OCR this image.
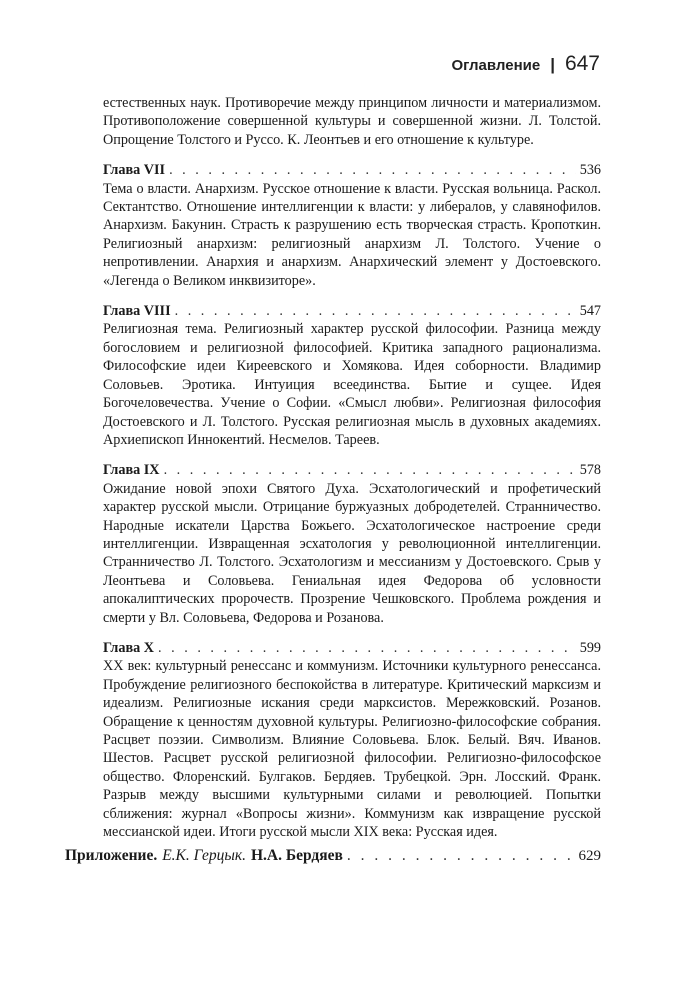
Оглавление | 647

естественных наук. Противоречие между принципом личности и материализмом. Противоположение совершенной культуры и совершенной жизни. Л. Толстой. Опрощение Толстого и Руссо. К. Леонтьев и его отношение к культуре.

Глава VII . . .	536

Тема о власти. Анархизм. Русское отношение к власти. Русская вольница. Раскол. Сектантство. Отношение интеллигенции к власти: у либералов, у славянофилов. Анархизм. Бакунин. Страсть к разрушению есть творческая страсть. Кропоткин. Религиозный анархизм: религиозный анархизм Л. Толстого. Учение о непротивлении. Анархия и анархизм. Анархический элемент у Достоевского. «Легенда о Великом инквизиторе».

Глава VIII . . .	547

Религиозная тема. Религиозный характер русской философии. Разница между богословием и религиозной философией. Критика западного рационализма. Философские идеи Киреевского и Хомякова. Идея соборности. Владимир Соловьев. Эротика. Интуиция всеединства. Бытие и сущее. Идея Богочеловечества. Учение о Софии. «Смысл любви». Религиозная философия Достоевского и Л. Толстого. Русская религиозная мысль в духовных академиях. Архиепископ Иннокентий. Несмелов. Тареев.

Глава IX . . .	578

Ожидание новой эпохи Святого Духа. Эсхатологический и профетический характер русской мысли. Отрицание буржуазных добродетелей. Странничество. Народные искатели Царства Божьего. Эсхатологическое настроение среди интеллигенции. Извращенная эсхатология у революционной интеллигенции. Странничество Л. Толстого. Эсхатологизм и мессианизм у Достоевского. Срыв у Леонтьева и Соловьева. Гениальная идея Федорова об условности апокалиптических пророчеств. Прозрение Чешковского. Проблема рождения и смерти у Вл. Соловьева, Федорова и Розанова.

Глава X . . .	599

XX век: культурный ренессанс и коммунизм. Источники культурного ренессанса. Пробуждение религиозного беспокойства в литературе. Критический марксизм и идеализм. Религиозные искания среди марксистов. Мережковский. Розанов. Обращение к ценностям духовной культуры. Религиозно-философские собрания. Расцвет поэзии. Символизм. Влияние Соловьева. Блок. Белый. Вяч. Иванов. Шестов. Расцвет русской религиозной философии. Религиозно-философское общество. Флоренский. Булгаков. Бердяев. Трубецкой. Эрн. Лосский. Франк. Разрыв между высшими культурными силами и революцией. Попытки сближения: журнал «Вопросы жизни». Коммунизм как извращение русской мессианской идеи. Итоги русской мысли XIX века: Русская идея.

Приложение. Е.К. Герцык. Н.А. Бердяев . . .	629
